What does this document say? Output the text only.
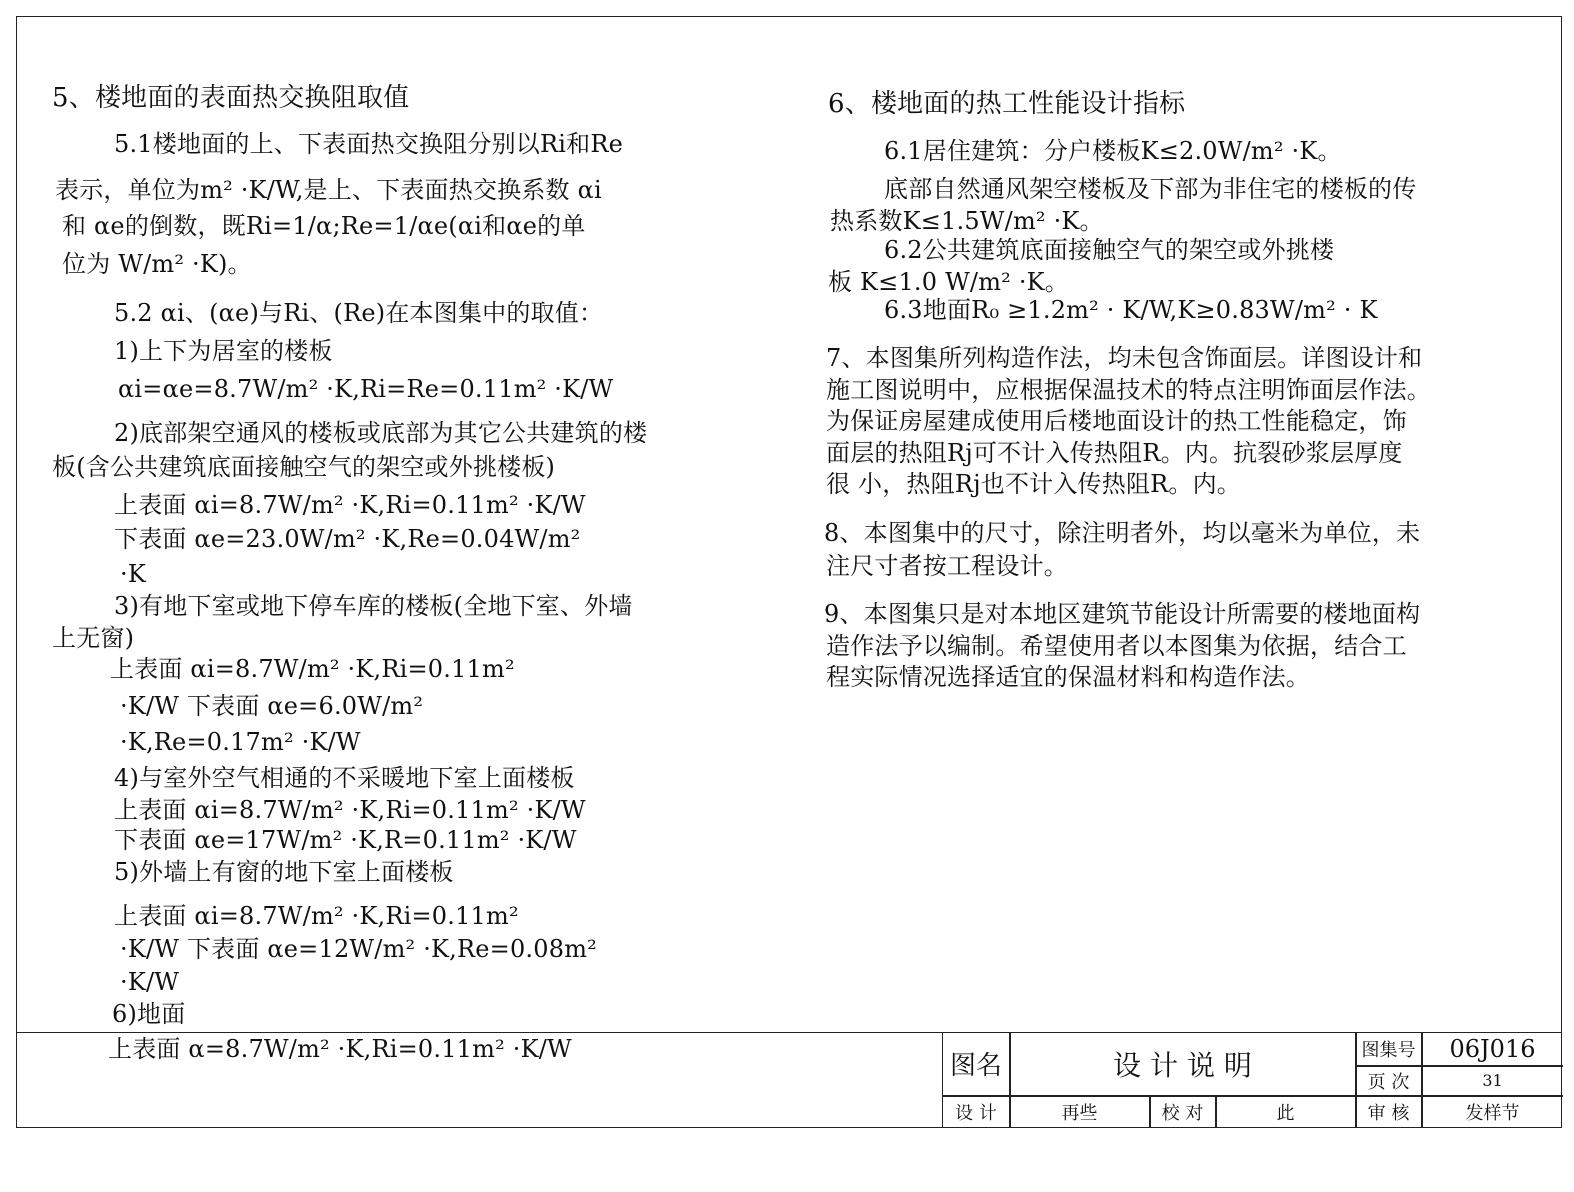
5、楼地面的表面热交换阻取值
5.1楼地面的上、下表面热交换阻分别以Ri和Re
表示，单位为m² ·K/W,是上、下表面热交换系数 αi
和 αe的倒数，既Ri=1/α;Re=1/αe(αi和αe的单
位为 W/m² ·K)。
5.2 αi、(αe)与Ri、(Re)在本图集中的取值：
1)上下为居室的楼板
αi=αe=8.7W/m² ·K,Ri=Re=0.11m² ·K/W
2)底部架空通风的楼板或底部为其它公共建筑的楼
板(含公共建筑底面接触空气的架空或外挑楼板)
上表面 αi=8.7W/m² ·K,Ri=0.11m² ·K/W
下表面 αe=23.0W/m² ·K,Re=0.04W/m²
·K
3)有地下室或地下停车库的楼板(全地下室、外墙
上无窗)
上表面 αi=8.7W/m² ·K,Ri=0.11m²
·K/W 下表面 αe=6.0W/m²
·K,Re=0.17m² ·K/W
4)与室外空气相通的不采暖地下室上面楼板
上表面 αi=8.7W/m² ·K,Ri=0.11m² ·K/W
下表面 αe=17W/m² ·K,R=0.11m² ·K/W
5)外墙上有窗的地下室上面楼板
上表面 αi=8.7W/m² ·K,Ri=0.11m²
·K/W 下表面 αe=12W/m² ·K,Re=0.08m²
·K/W
6)地面
上表面 α=8.7W/m² ·K,Ri=0.11m² ·K/W
6、楼地面的热工性能设计指标
6.1居住建筑：分户楼板K≤2.0W/m² ·K。
底部自然通风架空楼板及下部为非住宅的楼板的传
热系数K≤1.5W/m² ·K。
6.2公共建筑底面接触空气的架空或外挑楼
板 K≤1.0 W/m² ·K。
6.3地面R₀ ≥1.2m² · K/W,K≥0.83W/m² · K
7、本图集所列构造作法，均未包含饰面层。详图设计和
施工图说明中，应根据保温技术的特点注明饰面层作法。
为保证房屋建成使用后楼地面设计的热工性能稳定，饰
面层的热阻Rj可不计入传热阻R。内。抗裂砂浆层厚度
很 小，热阻Rj也不计入传热阻R。内。
8、本图集中的尺寸，除注明者外，均以毫米为单位，未
注尺寸者按工程设计。
9、本图集只是对本地区建筑节能设计所需要的楼地面构
造作法予以编制。希望使用者以本图集为依据，结合工
程实际情况选择适宜的保温材料和构造作法。
图名	设 计 说 明	图集号	06J016
页 次	31
设 计	再些	校 对	此	审 核	发样节
